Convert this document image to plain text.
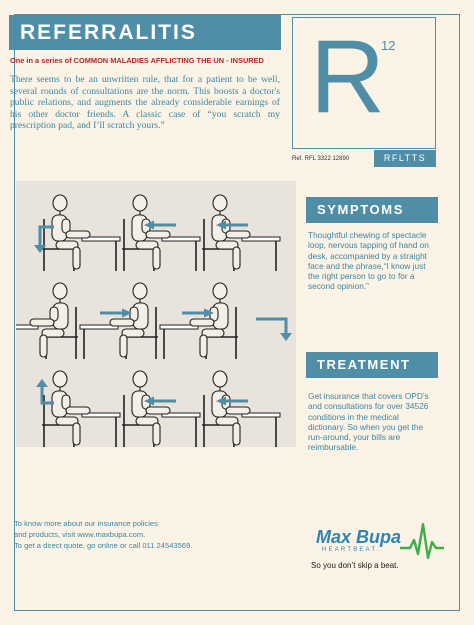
REFERRALITIS
One in a series of COMMON MALADIES AFFLICTING THE UN - INSURED
There seems to be an unwritten rule, that for a patient to be well, several rounds of consultations are the norm. This boosts a doctor's public relations, and augments the already considerable earnings of his other doctor friends. A classic case of “you scratch my prescription pad, and I’ll scratch yours.”	R
12
Ref. RFL 3322 12890	RFLTTS
SYMPTOMS
Thoughtful chewing of spectacle loop, nervous tapping of hand on desk, accompanied by a straight face and the phrase,“I know just the right person to go to for a second opinion.”
TREATMENT
Get insurance that covers OPD’s and consultations for over 34526 conditions in the medical dictionary. So when you get the run-around, your bills are reimbursable.
To know more about our insurance policies
and products, visit www.maxbupa.com.
To get a direct quote, go online or call 011 24543569.	Max Bupa
HEARTBEAT.
So you don’t skip a beat.
